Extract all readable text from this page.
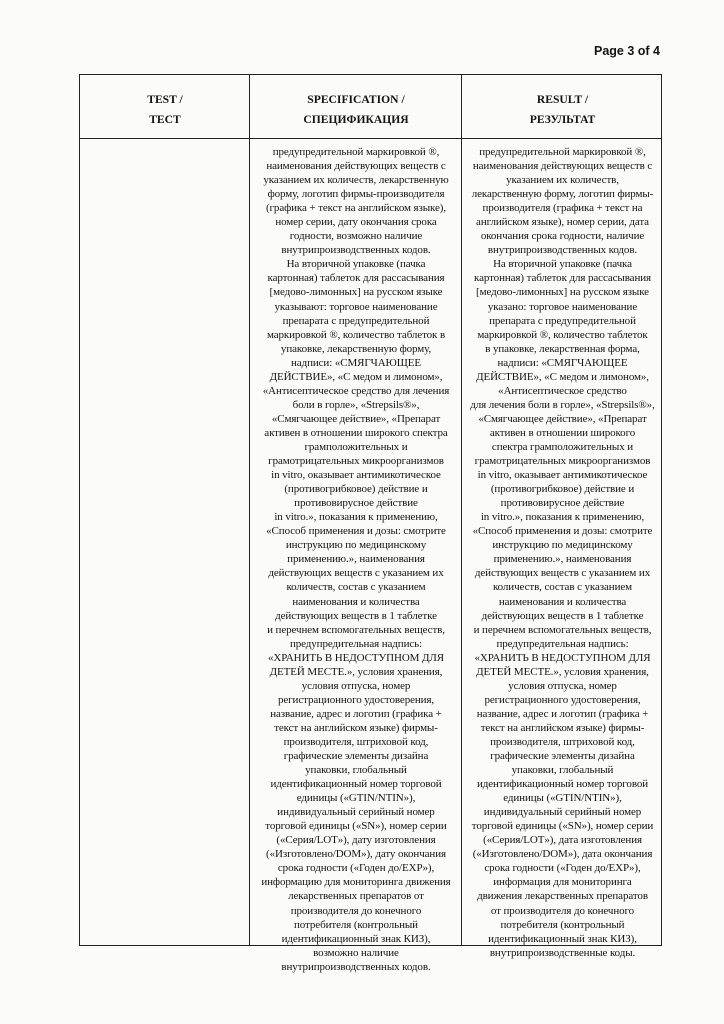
Page 3 of 4
TEST /
ТЕСТ
SPECIFICATION /
СПЕЦИФИКАЦИЯ
RESULT /
РЕЗУЛЬТАТ
предупредительной маркировкой ®,
наименования действующих веществ с
указанием их количеств, лекарственную
форму, логотип фирмы-производителя
(графика + текст на английском языке),
номер серии, дату окончания срока
годности, возможно наличие
внутрипроизводственных кодов.
На вторичной упаковке (пачка
картонная) таблеток для рассасывания
[медово-лимонных] на русском языке
указывают: торговое наименование
препарата с предупредительной
маркировкой ®, количество таблеток в
упаковке, лекарственную форму,
надписи: «СМЯГЧАЮЩЕЕ
ДЕЙСТВИЕ», «С медом и лимоном»,
«Антисептическое средство для лечения
боли в горле», «Strepsils®»,
«Смягчающее действие», «Препарат
активен в отношении широкого спектра
грамположительных и
грамотрицательных микроорганизмов
in vitro, оказывает антимикотическое
(противогрибковое) действие и
противовирусное действие
in vitro.», показания к применению,
«Способ применения и дозы: смотрите
инструкцию по медицинскому
применению.», наименования
действующих веществ с указанием их
количеств, состав с указанием
наименования и количества
действующих веществ в 1 таблетке
и перечнем вспомогательных веществ,
предупредительная надпись:
«ХРАНИТЬ В НЕДОСТУПНОМ ДЛЯ
ДЕТЕЙ МЕСТЕ.», условия хранения,
условия отпуска, номер
регистрационного удостоверения,
название, адрес и логотип (графика +
текст на английском языке) фирмы-
производителя, штриховой код,
графические элементы дизайна
упаковки, глобальный
идентификационный номер торговой
единицы («GTIN/NTIN»),
индивидуальный серийный номер
торговой единицы («SN»), номер серии
(«Серия/LOT»), дату изготовления
(«Изготовлено/DOM»), дату окончания
срока годности («Годен до/EXP»),
информацию для мониторинга движения
лекарственных препаратов от
производителя до конечного
потребителя (контрольный
идентификационный знак КИЗ),
возможно наличие
внутрипроизводственных кодов.
предупредительной маркировкой ®,
наименования действующих веществ с
указанием их количеств,
лекарственную форму, логотип фирмы-
производителя (графика + текст на
английском языке), номер серии, дата
окончания срока годности, наличие
внутрипроизводственных кодов.
На вторичной упаковке (пачка
картонная) таблеток для рассасывания
[медово-лимонных] на русском языке
указано: торговое наименование
препарата с предупредительной
маркировкой ®, количество таблеток
в упаковке, лекарственная форма,
надписи: «СМЯГЧАЮЩЕЕ
ДЕЙСТВИЕ», «С медом и лимоном»,
«Антисептическое средство
для лечения боли в горле», «Strepsils®»,
«Смягчающее действие», «Препарат
активен в отношении широкого
спектра грамположительных и
грамотрицательных микроорганизмов
in vitro, оказывает антимикотическое
(противогрибковое) действие и
противовирусное действие
in vitro.», показания к применению,
«Способ применения и дозы: смотрите
инструкцию по медицинскому
применению.», наименования
действующих веществ с указанием их
количеств, состав с указанием
наименования и количества
действующих веществ в 1 таблетке
и перечнем вспомогательных веществ,
предупредительная надпись:
«ХРАНИТЬ В НЕДОСТУПНОМ ДЛЯ
ДЕТЕЙ МЕСТЕ.», условия хранения,
условия отпуска, номер
регистрационного удостоверения,
название, адрес и логотип (графика +
текст на английском языке) фирмы-
производителя, штриховой код,
графические элементы дизайна
упаковки, глобальный
идентификационный номер торговой
единицы («GTIN/NTIN»),
индивидуальный серийный номер
торговой единицы («SN»), номер серии
(«Серия/LOT»), дата изготовления
(«Изготовлено/DOM»), дата окончания
срока годности («Годен до/EXP»),
информация для мониторинга
движения лекарственных препаратов
от производителя до конечного
потребителя (контрольный
идентификационный знак КИЗ),
внутрипроизводственные коды.
